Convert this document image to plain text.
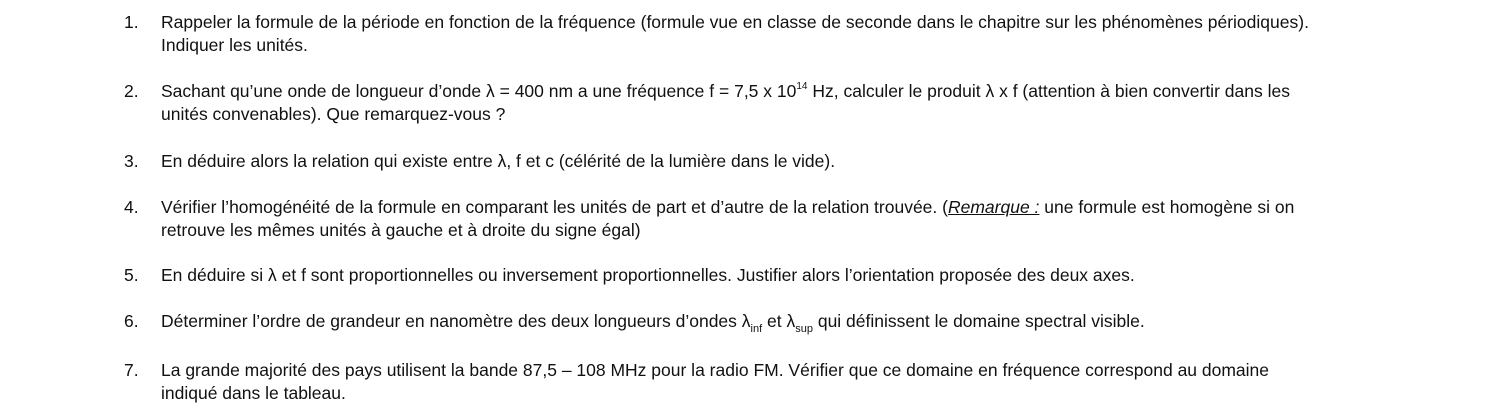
1.	Rappeler la formule de la période en fonction de la fréquence (formule vue en classe de seconde dans le chapitre sur les phénomènes périodiques).
Indiquer les unités.
2.	Sachant qu’une onde de longueur d’onde λ = 400 nm a une fréquence f = 7,5 x $10^{14}$ Hz, calculer le produit λ x f (attention à bien convertir dans les
unités convenables). Que remarquez-vous ?
3.	En déduire alors la relation qui existe entre λ, f et c (célérité de la lumière dans le vide).
4.	Vérifier l’homogénéité de la formule en comparant les unités de part et d’autre de la relation trouvée. (Remarque : une formule est homogène si on
retrouve les mêmes unités à gauche et à droite du signe égal)
5.	En déduire si λ et f sont proportionnelles ou inversement proportionnelles. Justifier alors l’orientation proposée des deux axes.
6.	Déterminer l’ordre de grandeur en nanomètre des deux longueurs d’ondes $\lambda_{inf}$ et $\lambda_{sup}$ qui définissent le domaine spectral visible.
7.	La grande majorité des pays utilisent la bande 87,5 – 108 MHz pour la radio FM. Vérifier que ce domaine en fréquence correspond au domaine
indiqué dans le tableau.
